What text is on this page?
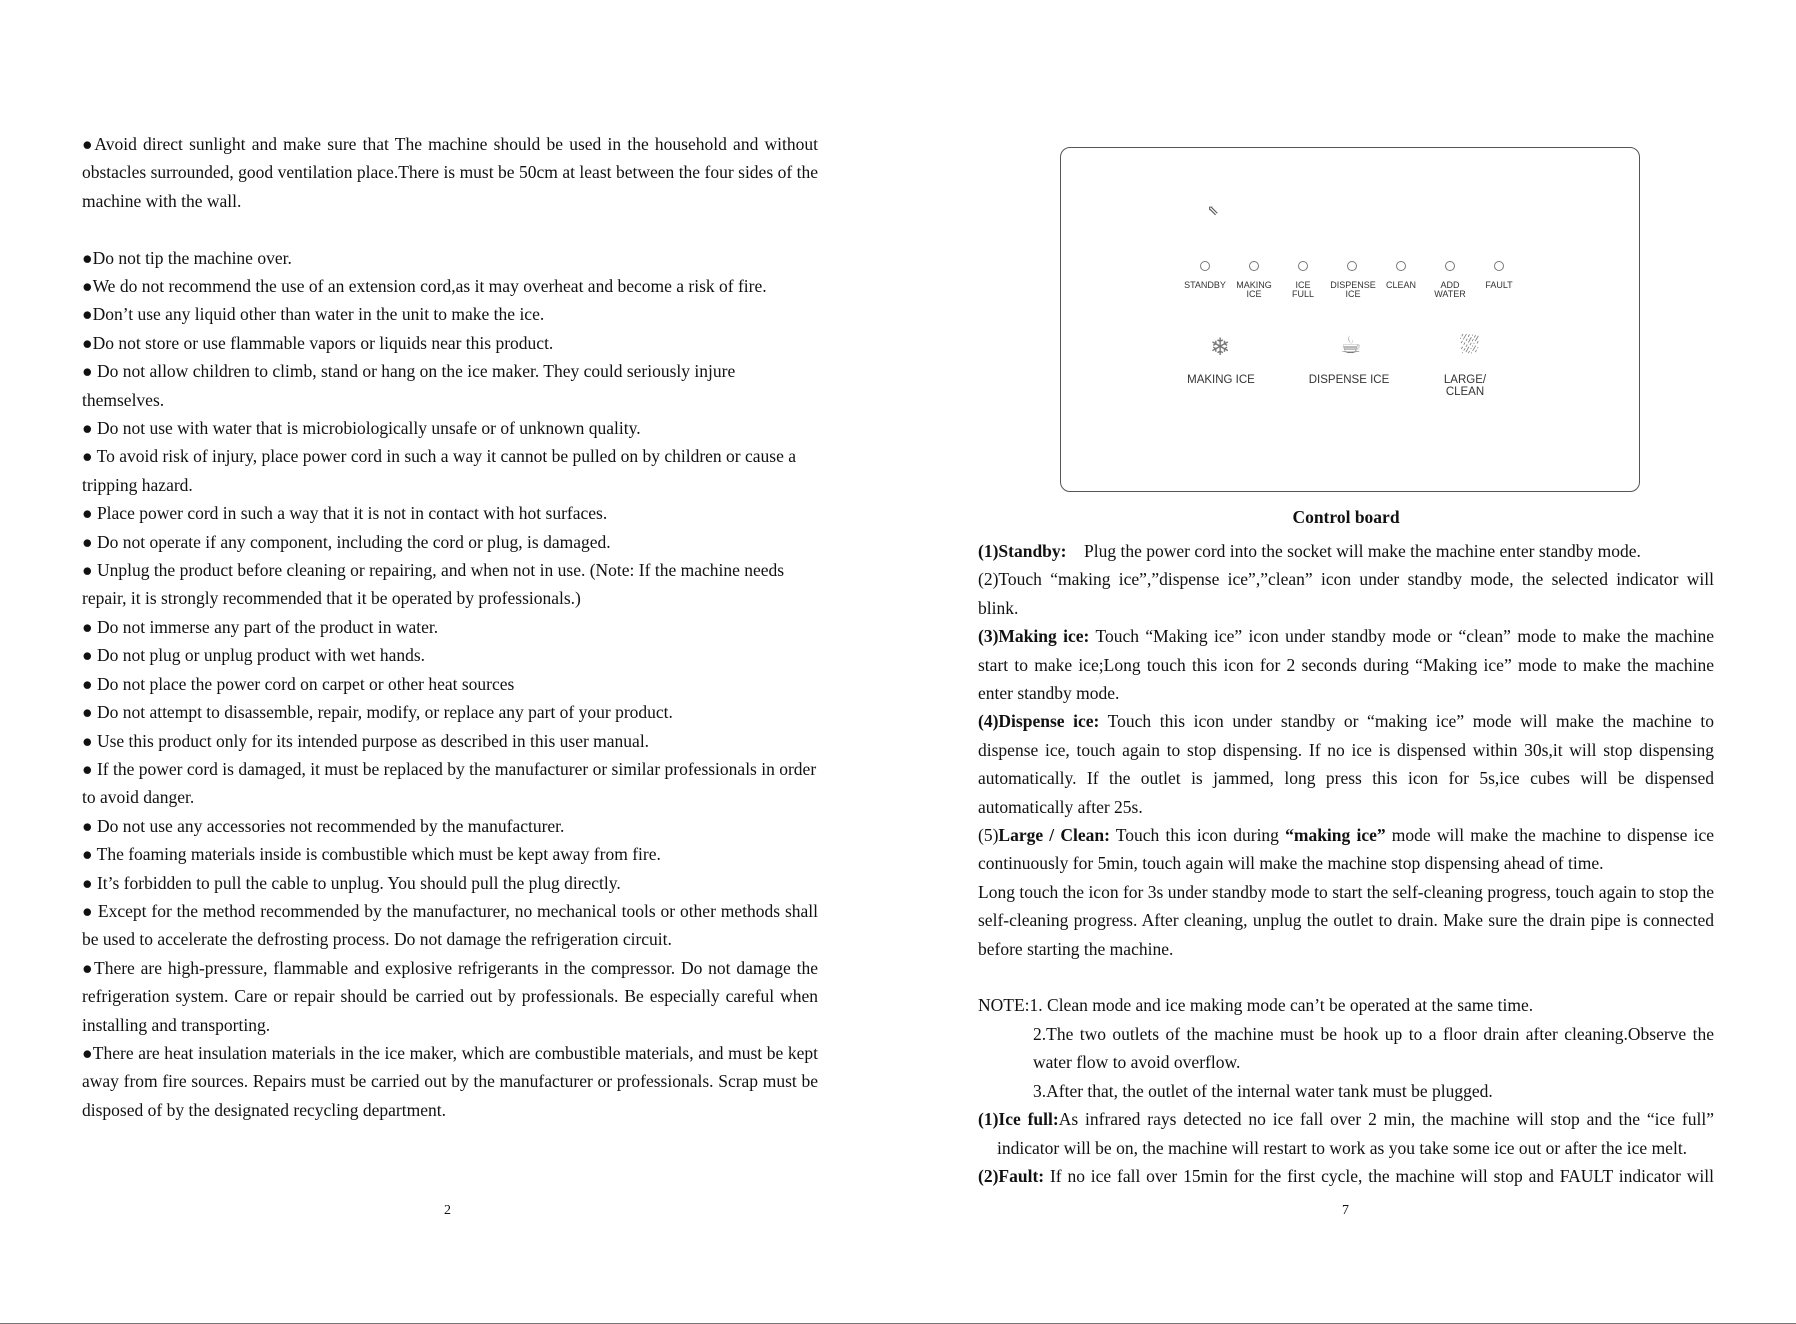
●Avoid direct sunlight and make sure that The machine should be used in the household and without obstacles surrounded, good ventilation place.There is must be 50cm at least between the four sides of the machine with the wall.

●Do not tip the machine over.

●We do not recommend the use of an extension cord,as it may overheat and become a risk of fire.

●Don’t use any liquid other than water in the unit to make the ice.

●Do not store or use flammable vapors or liquids near this product.

● Do not allow children to climb, stand or hang on the ice maker. They could seriously injure themselves.

● Do not use with water that is microbiologically unsafe or of unknown quality.

● To avoid risk of injury, place power cord in such a way it cannot be pulled on by children or cause a tripping hazard.

● Place power cord in such a way that it is not in contact with hot surfaces.

● Do not operate if any component, including the cord or plug, is damaged.

● Unplug the product before cleaning or repairing, and when not in use. (Note: If the machine needs repair, it is strongly recommended that it be operated by professionals.)

● Do not immerse any part of the product in water.

● Do not plug or unplug product with wet hands.

● Do not place the power cord on carpet or other heat sources

● Do not attempt to disassemble, repair, modify, or replace any part of your product.

● Use this product only for its intended purpose as described in this user manual.

● If the power cord is damaged, it must be replaced by the manufacturer or similar professionals in order to avoid danger.

● Do not use any accessories not recommended by the manufacturer.

● The foaming materials inside is combustible which must be kept away from fire.

● It’s forbidden to pull the cable to unplug. You should pull the plug directly.

● Except for the method recommended by the manufacturer, no mechanical tools or other methods shall be used to accelerate the defrosting process. Do not damage the refrigeration circuit.

●There are high-pressure, flammable and explosive refrigerants in the compressor. Do not damage the refrigeration system. Care or repair should be carried out by professionals. Be especially careful when installing and transporting.

●There are heat insulation materials in the ice maker, which are combustible materials, and must be kept away from fire sources. Repairs must be carried out by the manufacturer or professionals. Scrap must be disposed of by the designated recycling department.

2
⇖
STANDBY	MAKING ICE
ICE FULL
DISPENSE ICE
CLEAN	ADD WATER
FAULT
❄	☕	⛆
MAKING ICE	DISPENSE ICE	LARGE/ CLEAN
Control board

(1)Standby: Plug the power cord into the socket will make the machine enter standby mode.

(2)Touch “making ice”,”dispense ice”,”clean” icon under standby mode, the selected indicator will blink.

(3)Making ice: Touch “Making ice” icon under standby mode or “clean” mode to make the machine start to make ice;Long touch this icon for 2 seconds during “Making ice” mode to make the machine enter standby mode.

(4)Dispense ice: Touch this icon under standby or “making ice” mode will make the machine to dispense ice, touch again to stop dispensing. If no ice is dispensed within 30s,it will stop dispensing automatically. If the outlet is jammed, long press this icon for 5s,ice cubes will be dispensed automatically after 25s.

(5)Large / Clean: Touch this icon during “making ice” mode will make the machine to dispense ice continuously for 5min, touch again will make the machine stop dispensing ahead of time.

Long touch the icon for 3s under standby mode to start the self-cleaning progress, touch again to stop the self-cleaning progress. After cleaning, unplug the outlet to drain. Make sure the drain pipe is connected before starting the machine.

NOTE:1. Clean mode and ice making mode can’t be operated at the same time.

2.The two outlets of the machine must be hook up to a floor drain after cleaning.Observe the water flow to avoid overflow.

3.After that, the outlet of the internal water tank must be plugged.

(1)Ice full:As infrared rays detected no ice fall over 2 min, the machine will stop and the “ice full” indicator will be on, the machine will restart to work as you take some ice out or after the ice melt.

(2)Fault: If no ice fall over 15min for the first cycle, the machine will stop and FAULT indicator will

7
